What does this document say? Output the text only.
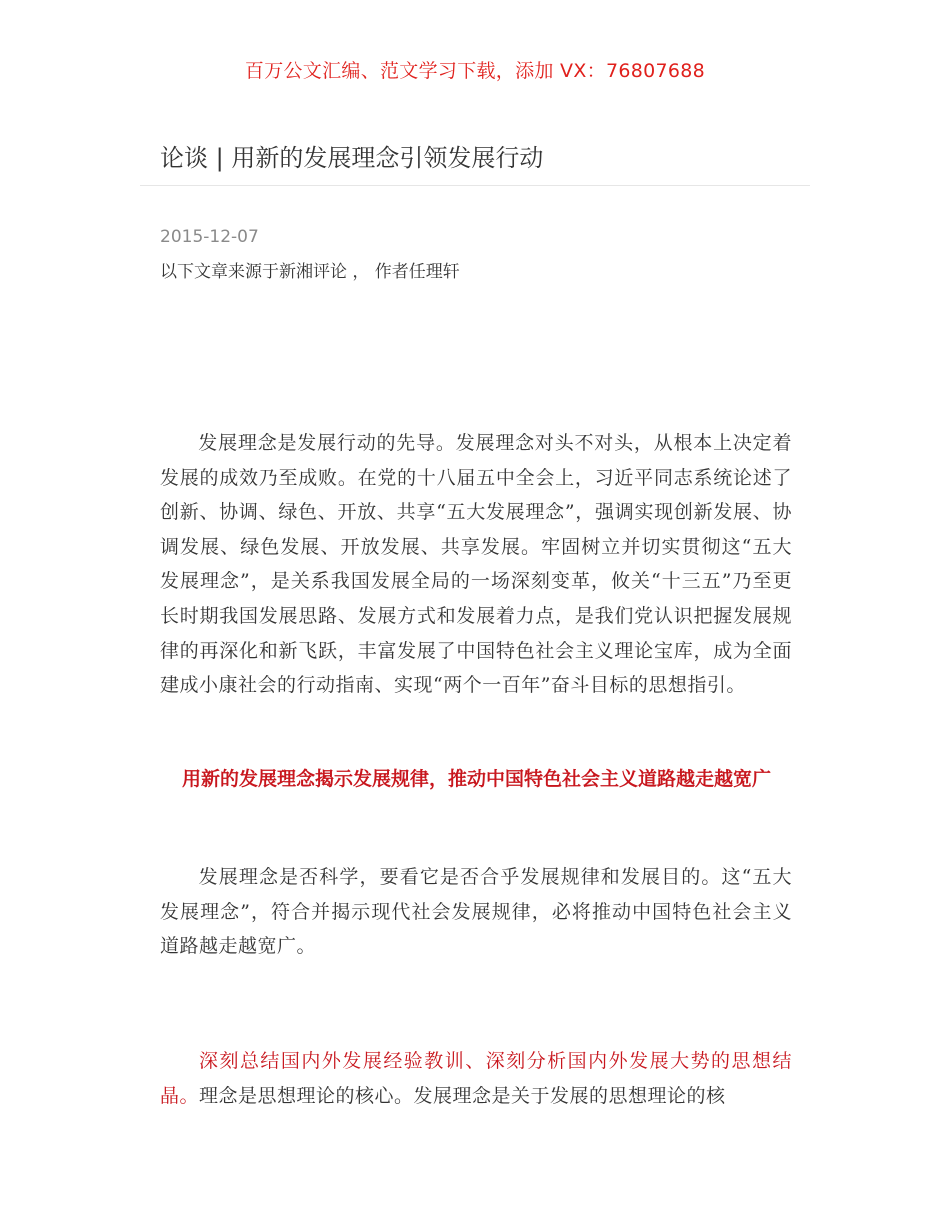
百万公文汇编、范文学习下载，添加 VX：76807688
论谈 | 用新的发展理念引领发展行动
2015-12-07
以下文章来源于新湘评论 ， 作者任理轩

发展理念是发展行动的先导。发展理念对头不对头，从根本上决定着发展的成效乃至成败。在党的十八届五中全会上，习近平同志系统论述了创新、协调、绿色、开放、共享“五大发展理念”，强调实现创新发展、协调发展、绿色发展、开放发展、共享发展。牢固树立并切实贯彻这“五大发展理念”，是关系我国发展全局的一场深刻变革，攸关“十三五”乃至更长时期我国发展思路、发展方式和发展着力点，是我们党认识把握发展规律的再深化和新飞跃，丰富发展了中国特色社会主义理论宝库，成为全面建成小康社会的行动指南、实现“两个一百年”奋斗目标的思想指引。

用新的发展理念揭示发展规律，推动中国特色社会主义道路越走越宽广

发展理念是否科学，要看它是否合乎发展规律和发展目的。这“五大发展理念”，符合并揭示现代社会发展规律，必将推动中国特色社会主义道路越走越宽广。

深刻总结国内外发展经验教训、深刻分析国内外发展大势的思想结晶。理念是思想理论的核心。发展理念是关于发展的思想理论的核
